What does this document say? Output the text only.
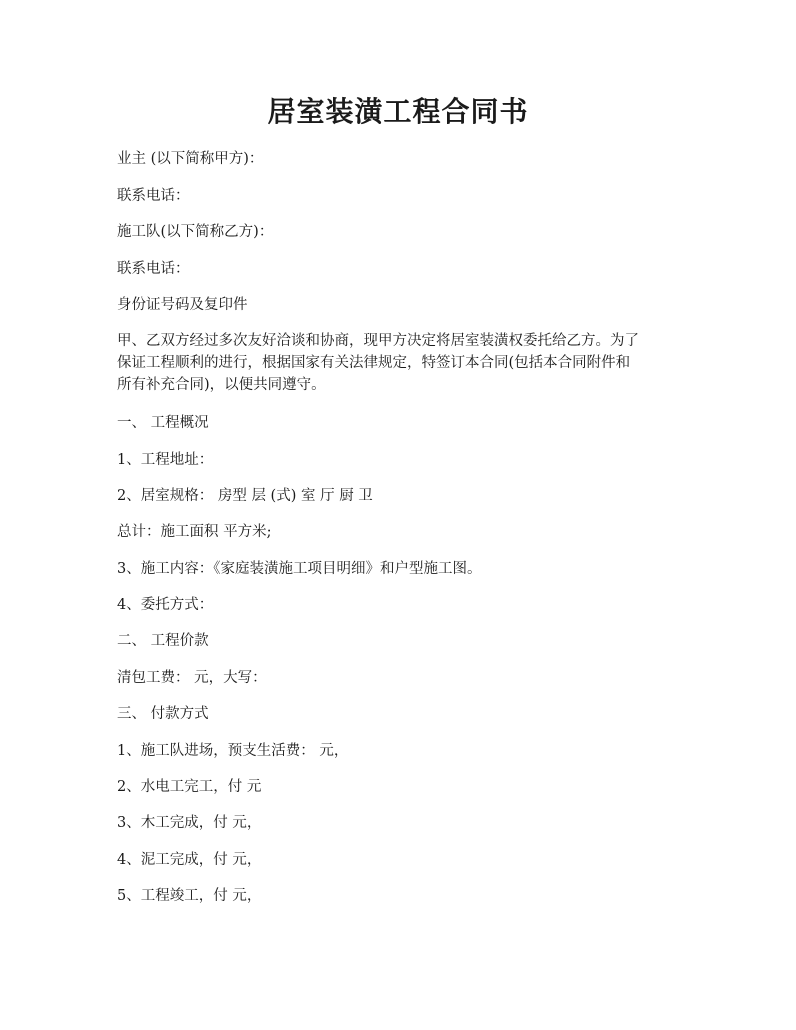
居室装潢工程合同书

业主 (以下简称甲方)：

联系电话：

施工队(以下简称乙方)：

联系电话：

身份证号码及复印件

甲、乙双方经过多次友好洽谈和协商，现甲方决定将居室装潢权委托给乙方。为了
保证工程顺利的进行，根据国家有关法律规定，特签订本合同(包括本合同附件和
所有补充合同)，以便共同遵守。

一、 工程概况

1、工程地址：

2、居室规格： 房型 层 (式) 室 厅 厨 卫

总计：施工面积 平方米;

3、施工内容：《家庭装潢施工项目明细》和户型施工图。

4、委托方式：

二、 工程价款

清包工费： 元，大写：

三、 付款方式

1、施工队进场，预支生活费： 元，

2、水电工完工，付 元

3、木工完成，付 元，

4、泥工完成，付 元，

5、工程竣工，付 元，
